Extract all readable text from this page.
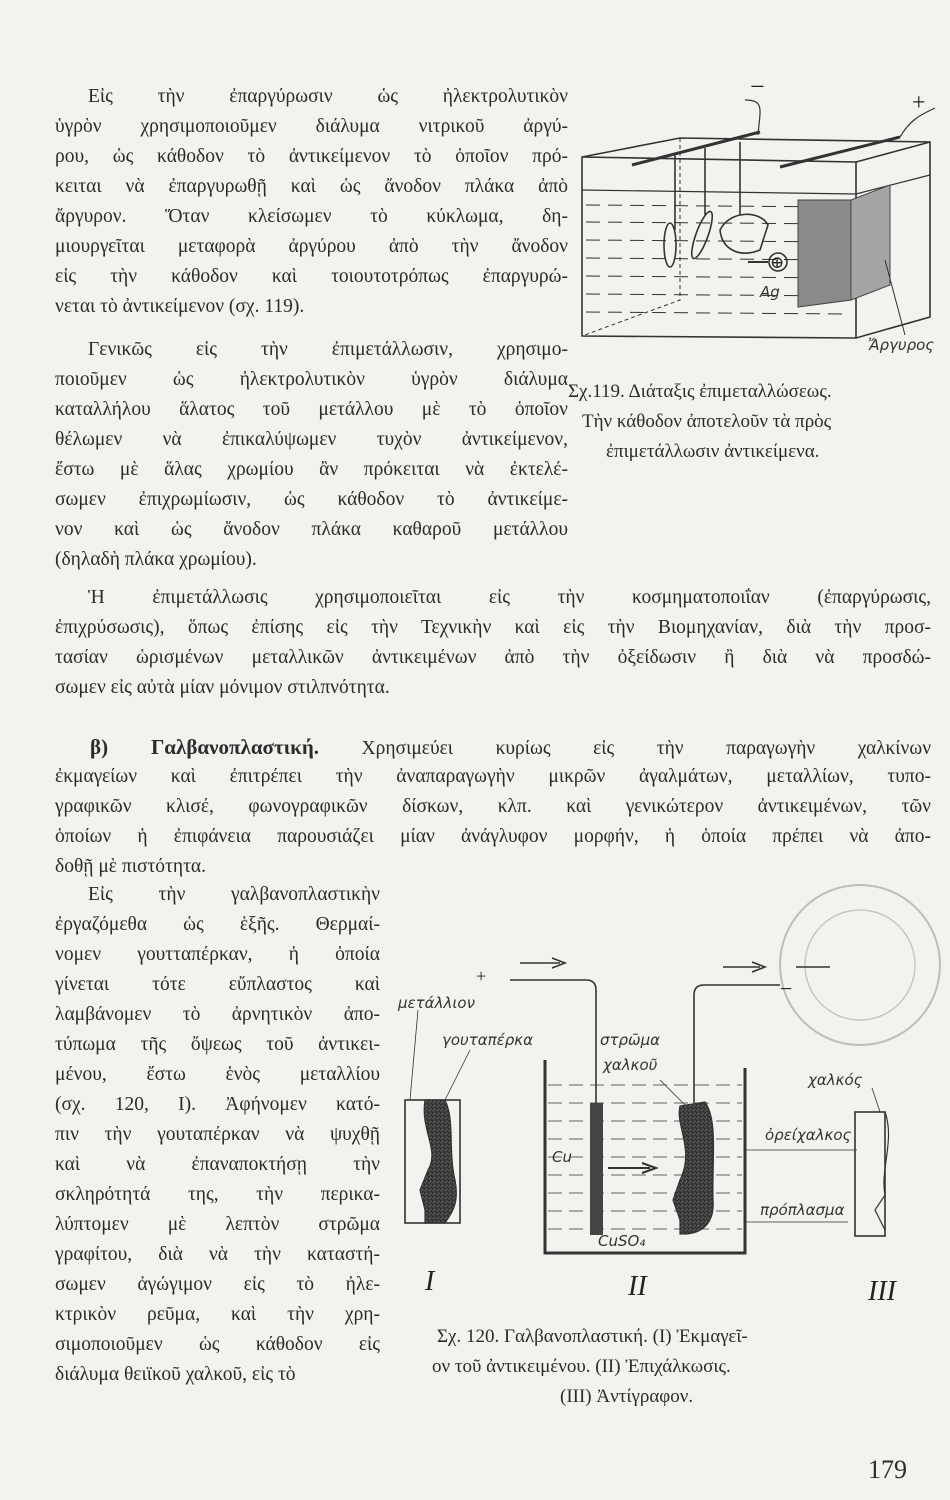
Εἰς τὴν ἐπαργύρωσιν ὡς ἠλεκτρολυτικὸν
ὑγρὸν χρησιμοποιοῦμεν διάλυμα νιτρικοῦ ἀργύ-
ρου, ὡς κάθοδον τὸ ἀντικείμενον τὸ ὁποῖον πρό-
κειται νὰ ἐπαργυρωθῇ καὶ ὡς ἄνοδον πλάκα ἀπὸ
ἄργυρον. Ὅταν κλείσωμεν τὸ κύκλωμα, δη-
μιουργεῖται μεταφορὰ ἀργύρου ἀπὸ τὴν ἄνοδον
εἰς τὴν κάθοδον καὶ τοιουτοτρόπως ἐπαργυρώ-
νεται τὸ ἀντικείμενον (σχ. 119).
Γενικῶς εἰς τὴν ἐπιμετάλλωσιν, χρησιμο-
ποιοῦμεν ὡς ἠλεκτρολυτικὸν ὑγρὸν διάλυμα
καταλλήλου ἅλατος τοῦ μετάλλου μὲ τὸ ὁποῖον
θέλωμεν νὰ ἐπικαλύψωμεν τυχὸν ἀντικείμενον,
ἔστω μὲ ἅλας χρωμίου ἂν πρόκειται νὰ ἐκτελέ-
σωμεν ἐπιχρωμίωσιν, ὡς κάθοδον τὸ ἀντικείμε-
νον καὶ ὡς ἄνοδον πλάκα καθαροῦ μετάλλου
(δηλαδὴ πλάκα χρωμίου).
Ἡ ἐπιμετάλλωσις χρησιμοποιεῖται εἰς τὴν κοσμηματοποιΐαν (ἐπαργύρωσις,
ἐπιχρύσωσις), ὅπως ἐπίσης εἰς τὴν Τεχνικὴν καὶ εἰς τὴν Βιομηχανίαν, διὰ τὴν προσ-
τασίαν ὡρισμένων μεταλλικῶν ἀντικειμένων ἀπὸ τὴν ὀξείδωσιν ἢ διὰ νὰ προσδώ-
σωμεν εἰς αὐτὰ μίαν μόνιμον στιλπνότητα.
β) Γαλβανοπλαστική. Χρησιμεύει κυρίως εἰς τὴν παραγωγὴν χαλκίνων
ἐκμαγείων καὶ ἐπιτρέπει τὴν ἀναπαραγωγὴν μικρῶν ἀγαλμάτων, μεταλλίων, τυπο-
γραφικῶν κλισέ, φωνογραφικῶν δίσκων, κλπ. καὶ γενικώτερον ἀντικειμένων, τῶν
ὁποίων ἡ ἐπιφάνεια παρουσιάζει μίαν ἀνάγλυφον μορφήν, ἡ ὁποία πρέπει νὰ ἀπο-
δοθῇ μὲ πιστότητα.
Εἰς τὴν γαλβανοπλαστικὴν
ἐργαζόμεθα ὡς ἑξῆς. Θερμαί-
νομεν γουτταπέρκαν, ἡ ὁποία
γίνεται τότε εὔπλαστος καὶ
λαμβάνομεν τὸ ἀρνητικὸν ἀπο-
τύπωμα τῆς ὄψεως τοῦ ἀντικει-
μένου, ἔστω ἑνὸς μεταλλίου
(σχ. 120, I). Ἀφήνομεν κατό-
πιν τὴν γουταπέρκαν νὰ ψυχθῇ
καὶ νὰ ἐπαναποκτήσῃ τὴν
σκληρότητά της, τὴν περικα-
λύπτομεν μὲ λεπτὸν στρῶμα
γραφίτου, διὰ νὰ τὴν καταστή-
σωμεν ἀγώγιμον εἰς τὸ ἠλε-
κτρικὸν ρεῦμα, καὶ τὴν χρη-
σιμοποιοῦμεν ὡς κάθοδον εἰς
διάλυμα θειϊκοῦ χαλκοῦ, εἰς τὸ
−
+
⊕
Ag
Ἄργυρος
Σχ.119. Διάταξις ἐπιμεταλλώσεως.
Τὴν κάθοδον ἀποτελοῦν τὰ πρὸς
ἐπιμετάλλωσιν ἀντικείμενα.
+	−
μετάλλιον
γουταπέρκα	στρῶμα
χαλκοῦ
Cu
CuSO₄
χαλκός
ὀρείχαλκος
πρόπλασμα
I	II	III
Σχ. 120. Γαλβανοπλαστική. (I) Ἐκμαγεῖ-
ον τοῦ ἀντικειμένου. (II) Ἐπιχάλκωσις.
(III) Ἀντίγραφον.
179
